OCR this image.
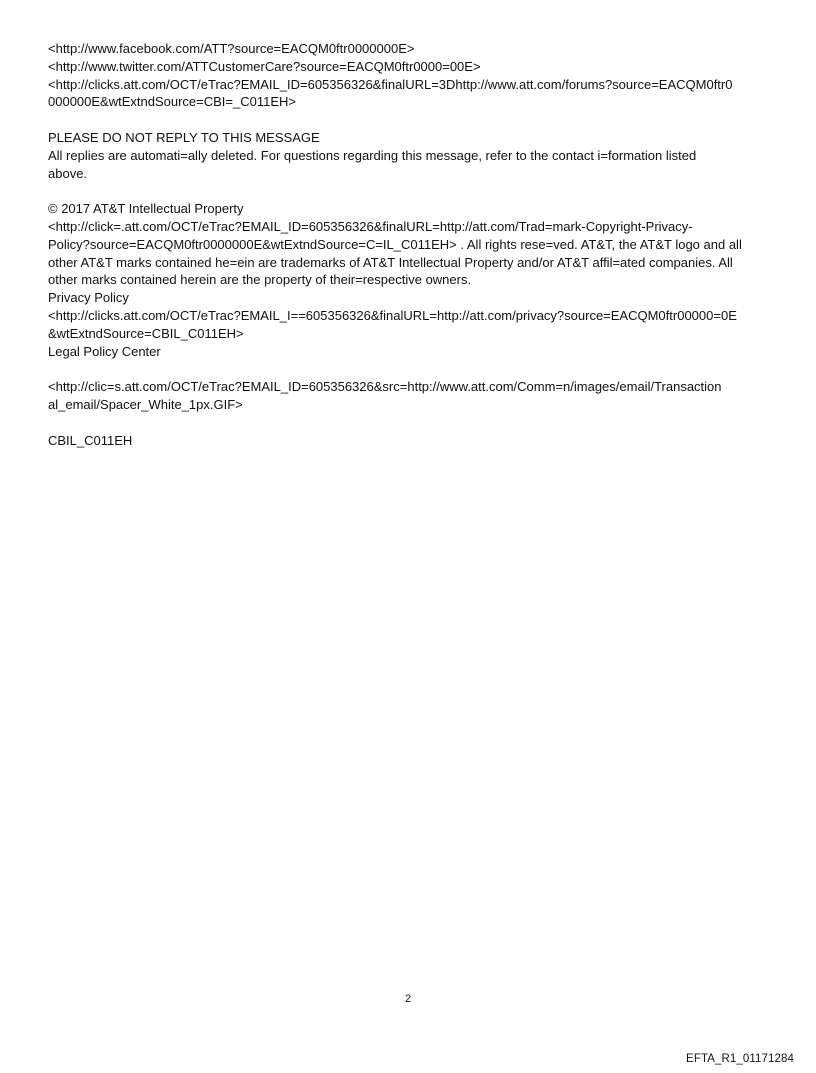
<http://www.facebook.com/ATT?source=EACQM0ftr0000000E>
<http://www.twitter.com/ATTCustomerCare?source=EACQM0ftr0000=00E>
<http://clicks.att.com/OCT/eTrac?EMAIL_ID=605356326&finalURL=3Dhttp://www.att.com/forums?source=EACQM0ftr0
000000E&wtExtndSource=CBI=_C011EH>
PLEASE DO NOT REPLY TO THIS MESSAGE
All replies are automati=ally deleted. For questions regarding this message, refer to the contact i=formation listed
above.
© 2017 AT&T Intellectual Property
<http://click=.att.com/OCT/eTrac?EMAIL_ID=605356326&finalURL=http://att.com/Trad=mark-Copyright-Privacy-
Policy?source=EACQM0ftr0000000E&wtExtndSource=C=IL_C011EH> . All rights rese=ved. AT&T, the AT&T logo and all
other AT&T marks contained he=ein are trademarks of AT&T Intellectual Property and/or AT&T affil=ated companies. All
other marks contained herein are the property of their=respective owners.
Privacy Policy
<http://clicks.att.com/OCT/eTrac?EMAIL_I==605356326&finalURL=http://att.com/privacy?source=EACQM0ftr00000=0E
&wtExtndSource=CBIL_C011EH>
Legal Policy Center
<http://clic=s.att.com/OCT/eTrac?EMAIL_ID=605356326&src=http://www.att.com/Comm=n/images/email/Transaction
al_email/Spacer_White_1px.GIF>
CBIL_C011EH
2
EFTA_R1_01171284
